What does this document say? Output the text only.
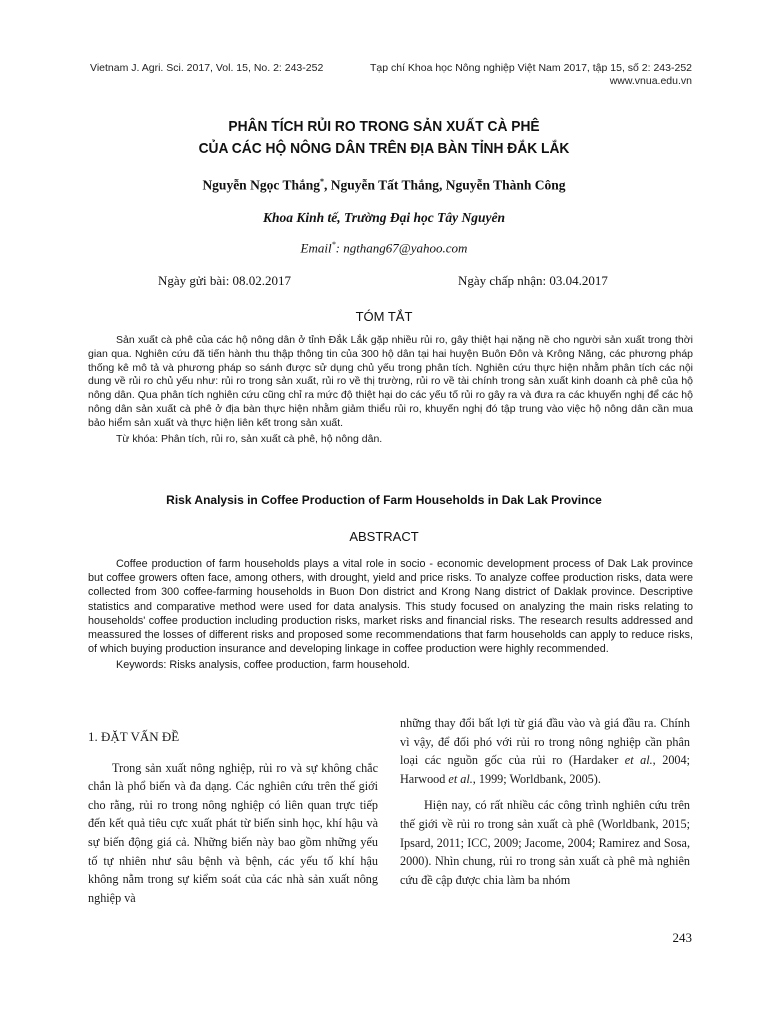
Vietnam J. Agri. Sci. 2017, Vol. 15, No. 2: 243-252	Tạp chí Khoa học Nông nghiệp Việt Nam 2017, tập 15, số 2: 243-252
www.vnua.edu.vn
PHÂN TÍCH RỦI RO TRONG SẢN XUẤT CÀ PHÊ
CỦA CÁC HỘ NÔNG DÂN TRÊN ĐỊA BÀN TỈNH ĐẮK LẮK
Nguyễn Ngọc Thắng*, Nguyễn Tất Thắng, Nguyễn Thành Công
Khoa Kinh tế, Trường Đại học Tây Nguyên
Email*: ngthang67@yahoo.com
Ngày gửi bài: 08.02.2017	Ngày chấp nhận: 03.04.2017
TÓM TẮT

Sản xuất cà phê của các hộ nông dân ở tỉnh Đắk Lắk gặp nhiều rủi ro, gây thiệt hại nặng nề cho người sản xuất trong thời gian qua. Nghiên cứu đã tiến hành thu thập thông tin của 300 hộ dân tại hai huyện Buôn Đôn và Krông Năng, các phương pháp thống kê mô tả và phương pháp so sánh được sử dụng chủ yếu trong phân tích. Nghiên cứu thực hiện nhằm phân tích các nội dung về rủi ro chủ yếu như: rủi ro trong sản xuất, rủi ro về thị trường, rủi ro về tài chính trong sản xuất kinh doanh cà phê của hộ nông dân. Qua phân tích nghiên cứu cũng chỉ ra mức độ thiệt hại do các yếu tố rủi ro gây ra và đưa ra các khuyến nghị để các hộ nông dân sản xuất cà phê ở địa bàn thực hiện nhằm giảm thiểu rủi ro, khuyến nghị đó tập trung vào việc hộ nông dân cần mua bảo hiểm sản xuất và thực hiện liên kết trong sản xuất.

Từ khóa: Phân tích, rủi ro, sản xuất cà phê, hộ nông dân.

Risk Analysis in Coffee Production of Farm Households in Dak Lak Province
ABSTRACT

Coffee production of farm households plays a vital role in socio - economic development process of Dak Lak province but coffee growers often face, among others, with drought, yield and price risks. To analyze coffee production risks, data were collected from 300 coffee-farming households in Buon Don district and Krong Nang district of Daklak province. Descriptive statistics and comparative method were used for data analysis. This study focused on analyzing the main risks relating to households' coffee production including production risks, market risks and financial risks. The research results addressed and meassured the losses of different risks and proposed some recommendations that farm households can apply to reduce risks, of which buying production insurance and developing linkage in coffee production were highly recommended.

Keywords: Risks analysis, coffee production, farm household.

1. ĐẶT VẤN ĐỀ

Trong sản xuất nông nghiệp, rủi ro và sự không chắc chắn là phổ biến và đa dạng. Các nghiên cứu trên thế giới cho rằng, rủi ro trong nông nghiệp có liên quan trực tiếp đến kết quả tiêu cực xuất phát từ biến sinh học, khí hậu và sự biến động giá cả. Những biến này bao gồm những yếu tố tự nhiên như sâu bệnh và bệnh, các yếu tố khí hậu không nằm trong sự kiểm soát của các nhà sản xuất nông nghiệp và

những thay đổi bất lợi từ giá đầu vào và giá đầu ra. Chính vì vậy, để đối phó với rủi ro trong nông nghiệp cần phân loại các nguồn gốc của rủi ro (Hardaker et al., 2004; Harwood et al., 1999; Worldbank, 2005).

Hiện nay, có rất nhiều các công trình nghiên cứu trên thế giới về rủi ro trong sản xuất cà phê (Worldbank, 2015; Ipsard, 2011; ICC, 2009; Jacome, 2004; Ramirez and Sosa, 2000). Nhìn chung, rủi ro trong sản xuất cà phê mà nghiên cứu đề cập được chia làm ba nhóm

243
